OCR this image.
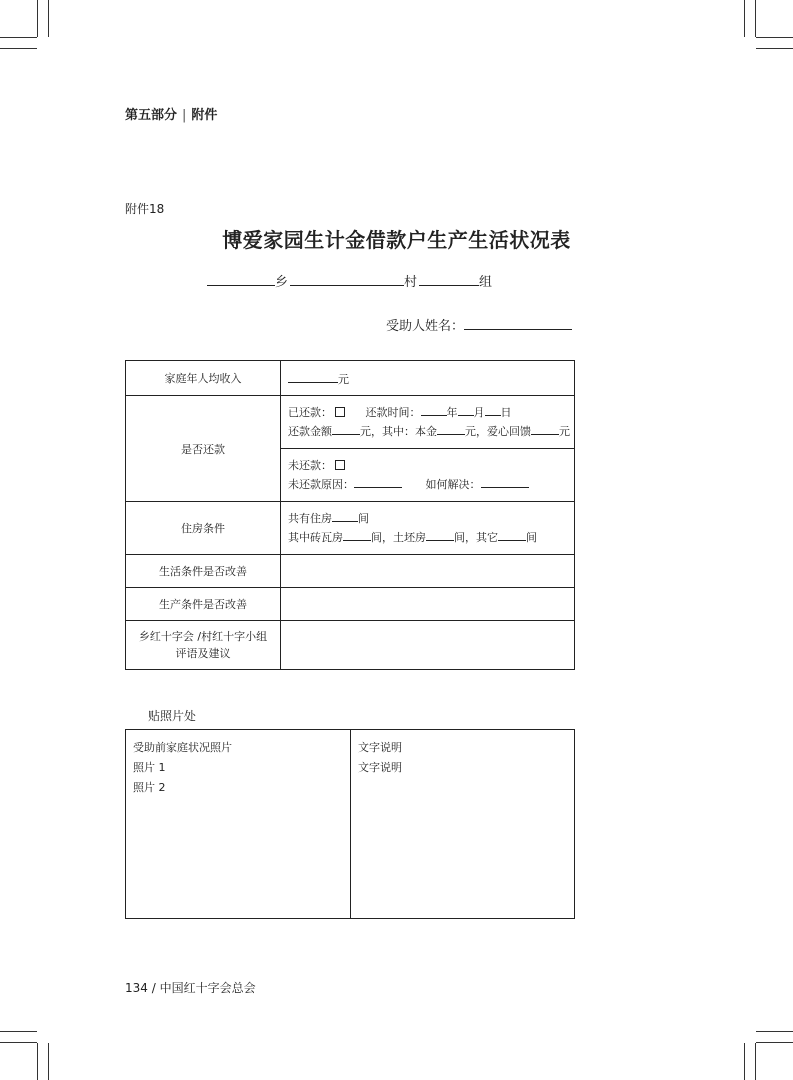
第五部分 | 附件
附件18
博爱家园生计金借款户生产生活状况表
乡	村	组
受助人姓名：
家庭年人均收入	元
是否还款	已还款： 还款时间： 年 月 日
还款金额 元，其中：本金 元，爱心回馈 元

	未还款：
未还款原因： 如何解决：

住房条件	共有住房 间
其中砖瓦房 间，土坯房 间，其它 间

生活条件是否改善	
生产条件是否改善	

乡红十字会 /村红十字小组
评语及建议	

贴照片处
受助前家庭状况照片
照片 1
照片 2

文字说明
文字说明
134 / 中国红十字会总会
